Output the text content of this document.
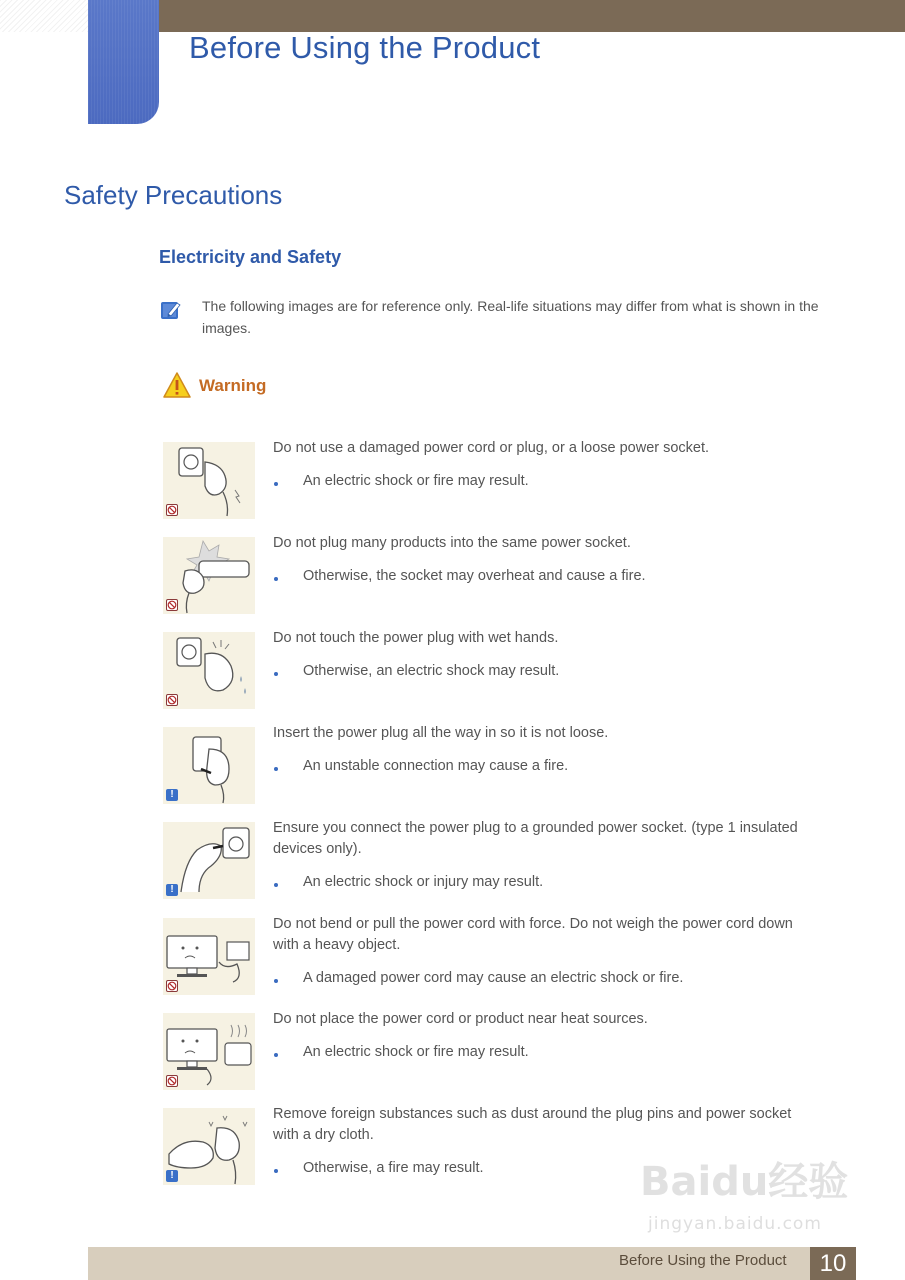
Before Using the Product
Safety Precautions
Electricity and Safety
The following images are for reference only. Real-life situations may differ from what is shown in the images.
Warning
Do not use a damaged power cord or plug, or a loose power socket.
An electric shock or fire may result.
Do not plug many products into the same power socket.
Otherwise, the socket may overheat and cause a fire.
Do not touch the power plug with wet hands.
Otherwise, an electric shock may result.
!
Insert the power plug all the way in so it is not loose.
An unstable connection may cause a fire.
!
Ensure you connect the power plug to a grounded power socket. (type 1 insulated devices only).
An electric shock or injury may result.
Do not bend or pull the power cord with force. Do not weigh the power cord down with a heavy object.
A damaged power cord may cause an electric shock or fire.
Do not place the power cord or product near heat sources.
An electric shock or fire may result.
!
Remove foreign substances such as dust around the plug pins and power socket with a dry cloth.
Otherwise, a fire may result.	Baidu经验
jingyan.baidu.com
Before Using the Product	10
